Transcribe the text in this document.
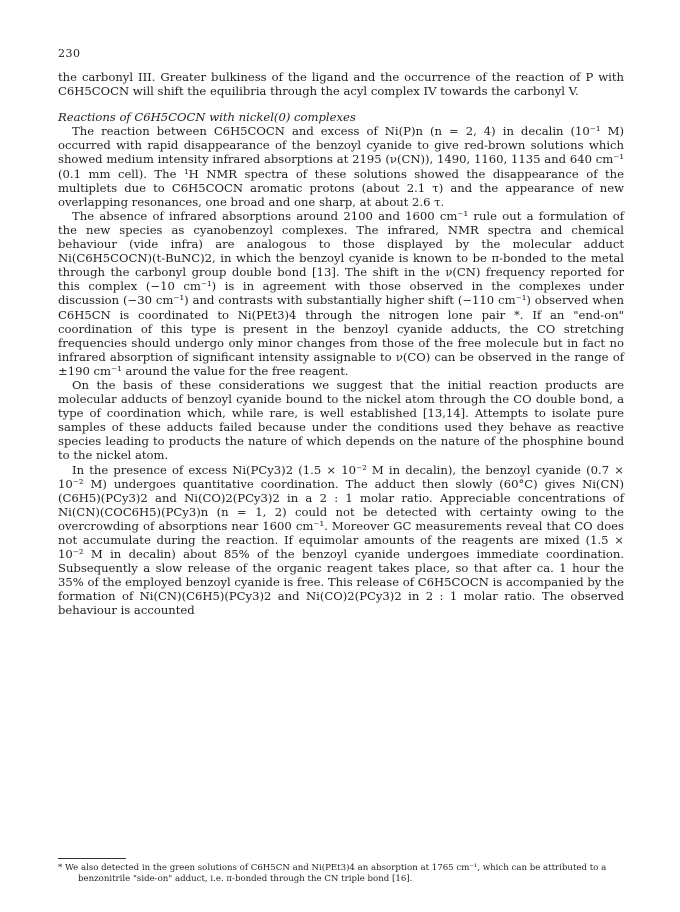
230

the carbonyl III. Greater bulkiness of the ligand and the occurrence of the reaction of P with C6H5COCN will shift the equilibria through the acyl complex IV towards the carbonyl V.

Reactions of C6H5COCN with nickel(0) complexes

The reaction between C6H5COCN and excess of Ni(P)n (n = 2, 4) in decalin (10⁻¹ M) occurred with rapid disappearance of the benzoyl cyanide to give red-brown solutions which showed medium intensity infrared absorptions at 2195 (ν(CN)), 1490, 1160, 1135 and 640 cm⁻¹ (0.1 mm cell). The ¹H NMR spectra of these solutions showed the disappearance of the multiplets due to C6H5COCN aromatic protons (about 2.1 τ) and the appearance of new overlapping resonances, one broad and one sharp, at about 2.6 τ.

The absence of infrared absorptions around 2100 and 1600 cm⁻¹ rule out a formulation of the new species as cyanobenzoyl complexes. The infrared, NMR spectra and chemical behaviour (vide infra) are analogous to those displayed by the molecular adduct Ni(C6H5COCN)(t-BuNC)2, in which the benzoyl cyanide is known to be π-bonded to the metal through the carbonyl group double bond [13]. The shift in the ν(CN) frequency reported for this complex (−10 cm⁻¹) is in agreement with those observed in the complexes under discussion (−30 cm⁻¹) and contrasts with substantially higher shift (−110 cm⁻¹) observed when C6H5CN is coordinated to Ni(PEt3)4 through the nitrogen lone pair *. If an "end-on" coordination of this type is present in the benzoyl cyanide adducts, the CO stretching frequencies should undergo only minor changes from those of the free molecule but in fact no infrared absorption of significant intensity assignable to ν(CO) can be observed in the range of ±190 cm⁻¹ around the value for the free reagent.

On the basis of these considerations we suggest that the initial reaction products are molecular adducts of benzoyl cyanide bound to the nickel atom through the CO double bond, a type of coordination which, while rare, is well established [13,14]. Attempts to isolate pure samples of these adducts failed because under the conditions used they behave as reactive species leading to products the nature of which depends on the nature of the phosphine bound to the nickel atom.

In the presence of excess Ni(PCy3)2 (1.5 × 10⁻² M in decalin), the benzoyl cyanide (0.7 × 10⁻² M) undergoes quantitative coordination. The adduct then slowly (60°C) gives Ni(CN)(C6H5)(PCy3)2 and Ni(CO)2(PCy3)2 in a 2 : 1 molar ratio. Appreciable concentrations of Ni(CN)(COC6H5)(PCy3)n (n = 1, 2) could not be detected with certainty owing to the overcrowding of absorptions near 1600 cm⁻¹. Moreover GC measurements reveal that CO does not accumulate during the reaction. If equimolar amounts of the reagents are mixed (1.5 × 10⁻² M in decalin) about 85% of the benzoyl cyanide undergoes immediate coordination. Subsequently a slow release of the organic reagent takes place, so that after ca. 1 hour the 35% of the employed benzoyl cyanide is free. This release of C6H5COCN is accompanied by the formation of Ni(CN)(C6H5)(PCy3)2 and Ni(CO)2(PCy3)2 in 2 : 1 molar ratio. The observed behaviour is accounted

* We also detected in the green solutions of C6H5CN and Ni(PEt3)4 an absorption at 1765 cm⁻¹, which can be attributed to a benzonitrile "side-on" adduct, i.e. π-bonded through the CN triple bond [16].
